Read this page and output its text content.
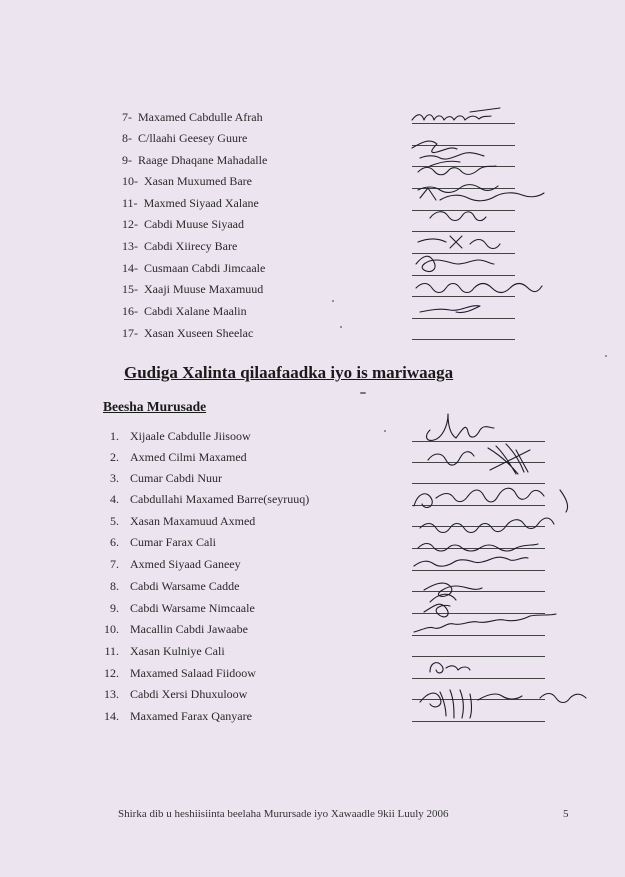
7- Maxamed Cabdulle Afrah
8- C/llaahi Geesey Guure
9- Raage Dhaqane Mahadalle
10- Xasan Muxumed Bare
11- Maxmed Siyaad Xalane
12- Cabdi Muuse Siyaad
13- Cabdi Xiirecy Bare
14- Cusmaan Cabdi Jimcaale
15- Xaaji Muuse Maxamuud
16- Cabdi Xalane Maalin
17- Xasan Xuseen Sheelac
Gudiga Xalinta qilaafaadka iyo is mariwaaga
Beesha Murusade
1. Xijaale Cabdulle Jiisoow
2. Axmed Cilmi Maxamed
3. Cumar Cabdi Nuur
4. Cabdullahi Maxamed Barre(seyruuq)
5. Xasan Maxamuud Axmed
6. Cumar Farax Cali
7. Axmed Siyaad Ganeey
8. Cabdi Warsame Cadde
9. Cabdi Warsame Nimcaale
10. Macallin Cabdi Jawaabe
11. Xasan Kulniye Cali
12. Maxamed Salaad Fiidoow
13. Cabdi Xersi Dhuxuloow
14. Maxamed Farax Qanyare
Shirka dib u heshiisiinta beelaha Murursade iyo Xawaadle 9kii Luuly 2006	5
